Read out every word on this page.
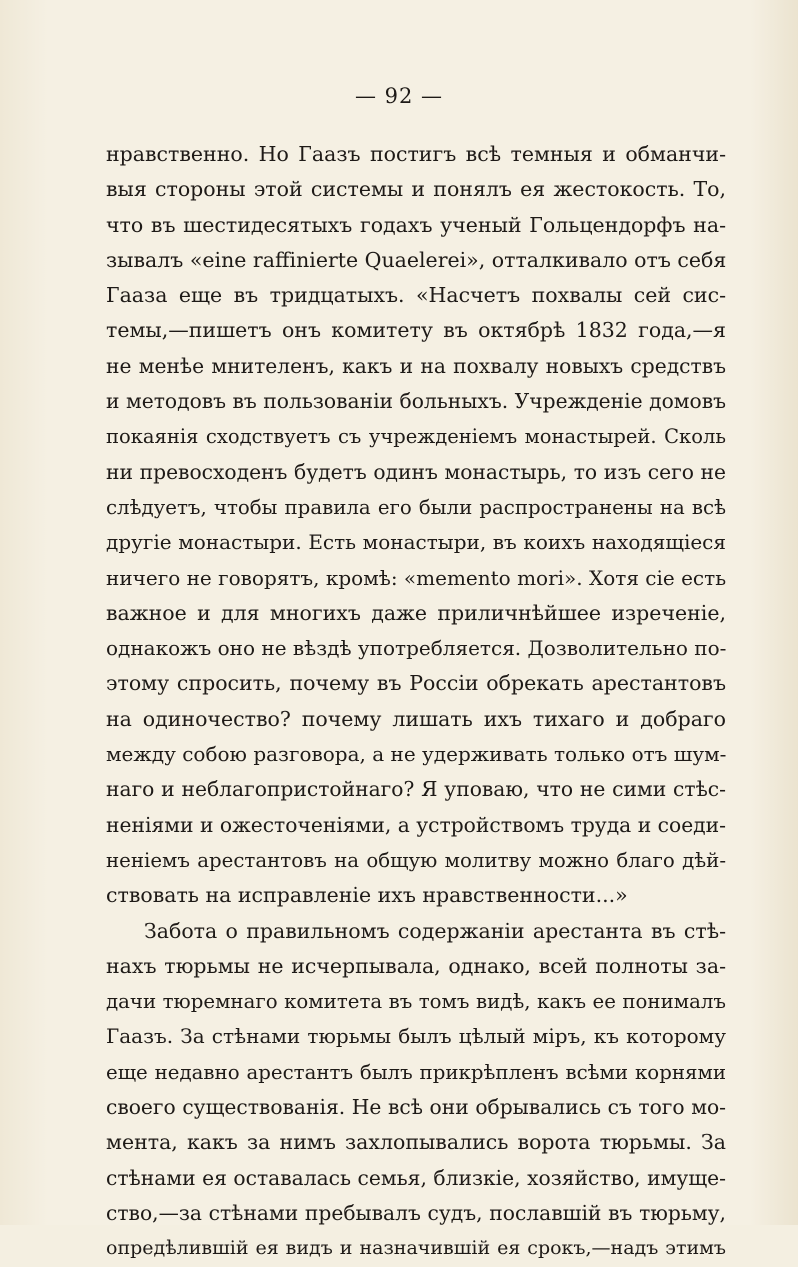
— 92 —
нравственно. Но Гаазъ постигъ всѣ темныя и обманчи-
выя стороны этой системы и понялъ ея жестокость. То,
что въ шестидесятыхъ годахъ ученый Гольцендорфъ на-
зывалъ «eine raffinierte Quaelerei», отталкивало отъ себя
Гааза еще въ тридцатыхъ. «Насчетъ похвалы сей сис-
темы,—пишетъ онъ комитету въ октябрѣ 1832 года,—я
не менѣе мнителенъ, какъ и на похвалу новыхъ средствъ
и методовъ въ пользованіи больныхъ. Учрежденіе домовъ
покаянія сходствуетъ съ учрежденіемъ монастырей. Сколь
ни превосходенъ будетъ одинъ монастырь, то изъ сего не
слѣдуетъ, чтобы правила его были распространены на всѣ
другіе монастыри. Есть монастыри, въ коихъ находящіеся
ничего не говорятъ, кромѣ: «memento mori». Хотя сіе есть
важное и для многихъ даже приличнѣйшее изреченіе,
однакожъ оно не вѣздѣ употребляется. Дозволительно по-
этому спросить, почему въ Россіи обрекать арестантовъ
на одиночество? почему лишать ихъ тихаго и добраго
между собою разговора, а не удерживать только отъ шум-
наго и неблагопристойнаго? Я уповаю, что не сими стѣс-
неніями и ожесточеніями, а устройствомъ труда и соеди-
неніемъ арестантовъ на общую молитву можно благо дѣй-
ствовать на исправленіе ихъ нравственности...»
Забота о правильномъ содержаніи арестанта въ стѣ-
нахъ тюрьмы не исчерпывала, однако, всей полноты за-
дачи тюремнаго комитета въ томъ видѣ, какъ ее понималъ
Гаазъ. За стѣнами тюрьмы былъ цѣлый міръ, къ которому
еще недавно арестантъ былъ прикрѣпленъ всѣми корнями
своего существованія. Не всѣ они обрывались съ того мо-
мента, какъ за нимъ захлопывались ворота тюрьмы. За
стѣнами ея оставалась семья, близкіе, хозяйство, имуще-
ство,—за стѣнами пребывалъ судъ, пославшій въ тюрьму,
опредѣлившій ея видъ и назначившій ея срокъ,—надъ этимъ
